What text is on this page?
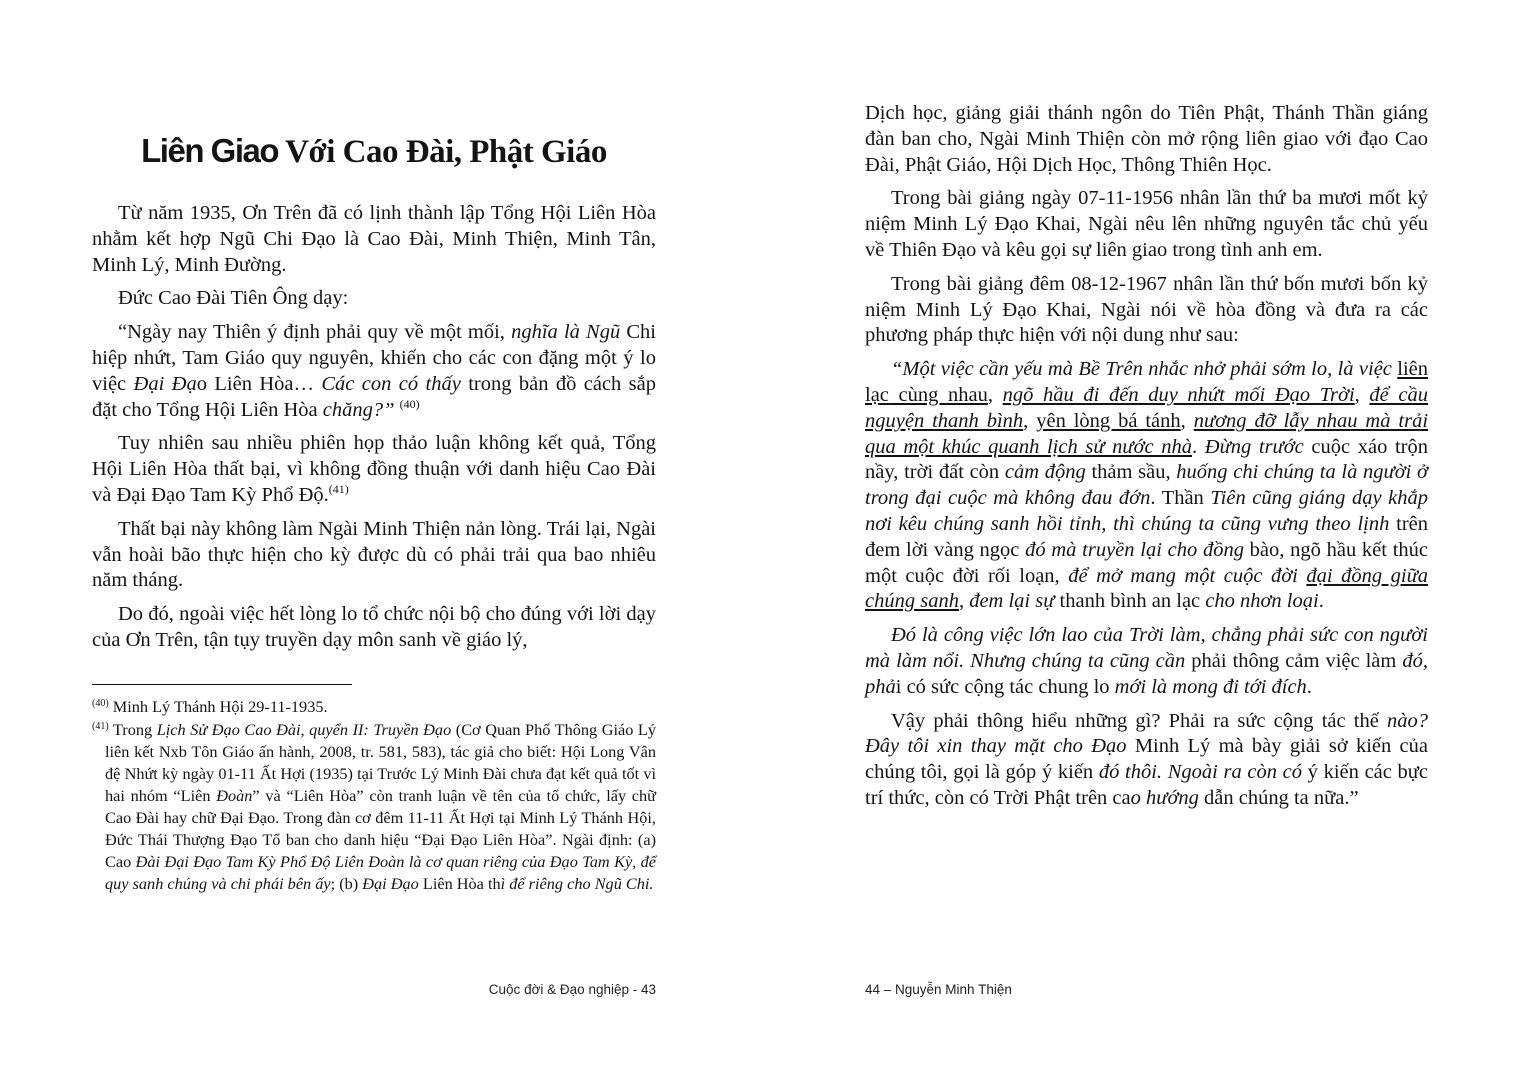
Liên Giao Với Cao Đài, Phật Giáo

Từ năm 1935, Ơn Trên đã có lịnh thành lập Tổng Hội Liên Hòa nhằm kết hợp Ngũ Chi Đạo là Cao Đài, Minh Thiện, Minh Tân, Minh Lý, Minh Đường.

Đức Cao Đài Tiên Ông dạy:

“Ngày nay Thiên ý định phải quy về một mối, nghĩa là Ngũ Chi hiệp nhứt, Tam Giáo quy nguyên, khiến cho các con đặng một ý lo việc Đại Đạo Liên Hòa… Các con có thấy trong bản đồ cách sắp đặt cho Tổng Hội Liên Hòa chăng?” $^{(40)}$

Tuy nhiên sau nhiều phiên họp thảo luận không kết quả, Tổng Hội Liên Hòa thất bại, vì không đồng thuận với danh hiệu Cao Đài và Đại Đạo Tam Kỳ Phổ Độ.$^{(41)}$

Thất bại này không làm Ngài Minh Thiện nản lòng. Trái lại, Ngài vẫn hoài bão thực hiện cho kỳ được dù có phải trải qua bao nhiêu năm tháng.

Do đó, ngoài việc hết lòng lo tổ chức nội bộ cho đúng với lời dạy của Ơn Trên, tận tụy truyền dạy môn sanh về giáo lý,

$^{(40)}$ Minh Lý Thánh Hội 29-11-1935.
$^{(41)}$ Trong Lịch Sử Đạo Cao Đài, quyển II: Truyền Đạo (Cơ Quan Phổ Thông Giáo Lý liên kết Nxb Tôn Giáo ấn hành, 2008, tr. 581, 583), tác giả cho biết: Hội Long Vân đệ Nhứt kỳ ngày 01-11 Ất Hợi (1935) tại Trước Lý Minh Đài chưa đạt kết quả tốt vì hai nhóm “Liên Đoàn” và “Liên Hòa” còn tranh luận về tên của tổ chức, lấy chữ Cao Đài hay chữ Đại Đạo. Trong đàn cơ đêm 11-11 Ất Hợi tại Minh Lý Thánh Hội, Đức Thái Thượng Đạo Tổ ban cho danh hiệu “Đại Đạo Liên Hòa”. Ngài định: (a) Cao Đài Đại Đạo Tam Kỳ Phổ Độ Liên Đoàn là cơ quan riêng của Đạo Tam Kỳ, để quy sanh chúng và chi phái bên ấy; (b) Đại Đạo Liên Hòa thì để riêng cho Ngũ Chi.
Cuộc đời & Đạo nghiệp - 43

Dịch học, giảng giải thánh ngôn do Tiên Phật, Thánh Thần giáng đàn ban cho, Ngài Minh Thiện còn mở rộng liên giao với đạo Cao Đài, Phật Giáo, Hội Dịch Học, Thông Thiên Học.

Trong bài giảng ngày 07-11-1956 nhân lần thứ ba mươi mốt kỷ niệm Minh Lý Đạo Khai, Ngài nêu lên những nguyên tắc chủ yếu về Thiên Đạo và kêu gọi sự liên giao trong tình anh em.

Trong bài giảng đêm 08-12-1967 nhân lần thứ bốn mươi bốn kỷ niệm Minh Lý Đạo Khai, Ngài nói về hòa đồng và đưa ra các phương pháp thực hiện với nội dung như sau:

“Một việc cần yếu mà Bề Trên nhắc nhở phải sớm lo, là việc liên lạc cùng nhau, ngõ hầu đi đến duy nhứt mối Đạo Trời, để cầu nguyện thanh bình, yên lòng bá tánh, nương đỡ lẫy nhau mà trải qua một khúc quanh lịch sử nước nhà. Đừng trước cuộc xáo trộn nầy, trời đất còn cảm động thảm sầu, huống chi chúng ta là người ở trong đại cuộc mà không đau đớn. Thần Tiên cũng giáng dạy khắp nơi kêu chúng sanh hồi tỉnh, thì chúng ta cũng vưng theo lịnh trên đem lời vàng ngọc đó mà truyền lại cho đồng bào, ngõ hầu kết thúc một cuộc đời rối loạn, để mở mang một cuộc đời đại đồng giữa chúng sanh, đem lại sự thanh bình an lạc cho nhơn loại.

Đó là công việc lớn lao của Trời làm, chẳng phải sức con người mà làm nổi. Nhưng chúng ta cũng cần phải thông cảm việc làm đó, phải có sức cộng tác chung lo mới là mong đi tới đích.

Vậy phải thông hiểu những gì? Phải ra sức cộng tác thế nào? Đây tôi xin thay mặt cho Đạo Minh Lý mà bày giải sở kiến của chúng tôi, gọi là góp ý kiến đó thôi. Ngoài ra còn có ý kiến các bực trí thức, còn có Trời Phật trên cao hướng dẫn chúng ta nữa.”

44 – Nguyễn Minh Thiện
